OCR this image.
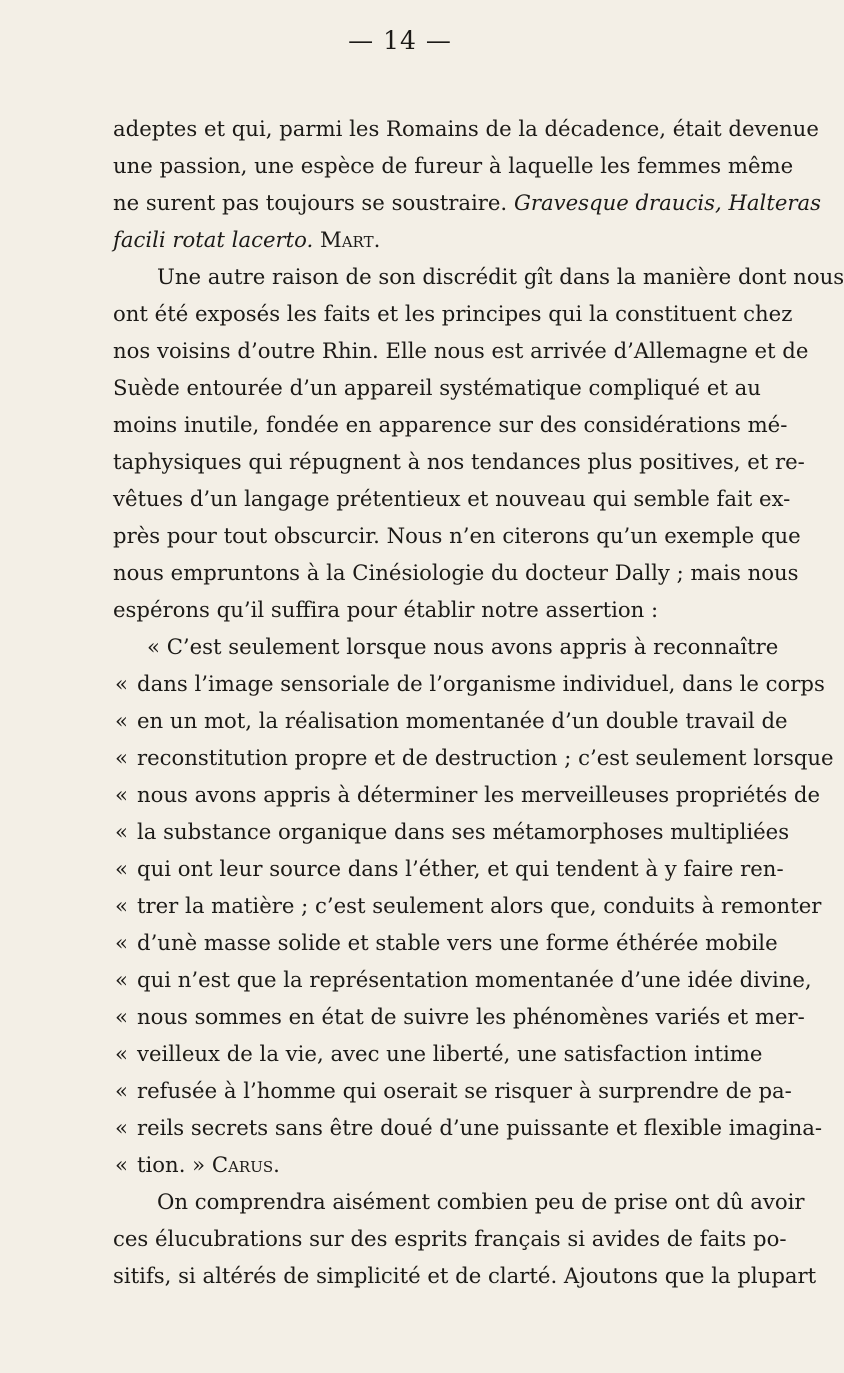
— 14 —
adeptes et qui, parmi les Romains de la décadence, était devenue
une passion, une espèce de fureur à laquelle les femmes même
ne surent pas toujours se soustraire. Gravesque draucis, Halteras
facili rotat lacerto. Mart.
Une autre raison de son discrédit gît dans la manière dont nous
ont été exposés les faits et les principes qui la constituent chez
nos voisins d’outre Rhin. Elle nous est arrivée d’Allemagne et de
Suède entourée d’un appareil systématique compliqué et au
moins inutile, fondée en apparence sur des considérations mé-
taphysiques qui répugnent à nos tendances plus positives, et re-
vêtues d’un langage prétentieux et nouveau qui semble fait ex-
près pour tout obscurcir. Nous n’en citerons qu’un exemple que
nous empruntons à la Cinésiologie du docteur Dally ; mais nous
espérons qu’il suffira pour établir notre assertion :
« C’est seulement lorsque nous avons appris à reconnaître
« dans l’image sensoriale de l’organisme individuel, dans le corps
« en un mot, la réalisation momentanée d’un double travail de
« reconstitution propre et de destruction ; c’est seulement lorsque
« nous avons appris à déterminer les merveilleuses propriétés de
« la substance organique dans ses métamorphoses multipliées
« qui ont leur source dans l’éther, et qui tendent à y faire ren-
« trer la matière ; c’est seulement alors que, conduits à remonter
« d’unè masse solide et stable vers une forme éthérée mobile
« qui n’est que la représentation momentanée d’une idée divine,
« nous sommes en état de suivre les phénomènes variés et mer-
« veilleux de la vie, avec une liberté, une satisfaction intime
« refusée à l’homme qui oserait se risquer à surprendre de pa-
« reils secrets sans être doué d’une puissante et flexible imagina-
« tion. » Carus.
On comprendra aisément combien peu de prise ont dû avoir
ces élucubrations sur des esprits français si avides de faits po-
sitifs, si altérés de simplicité et de clarté. Ajoutons que la plupart
